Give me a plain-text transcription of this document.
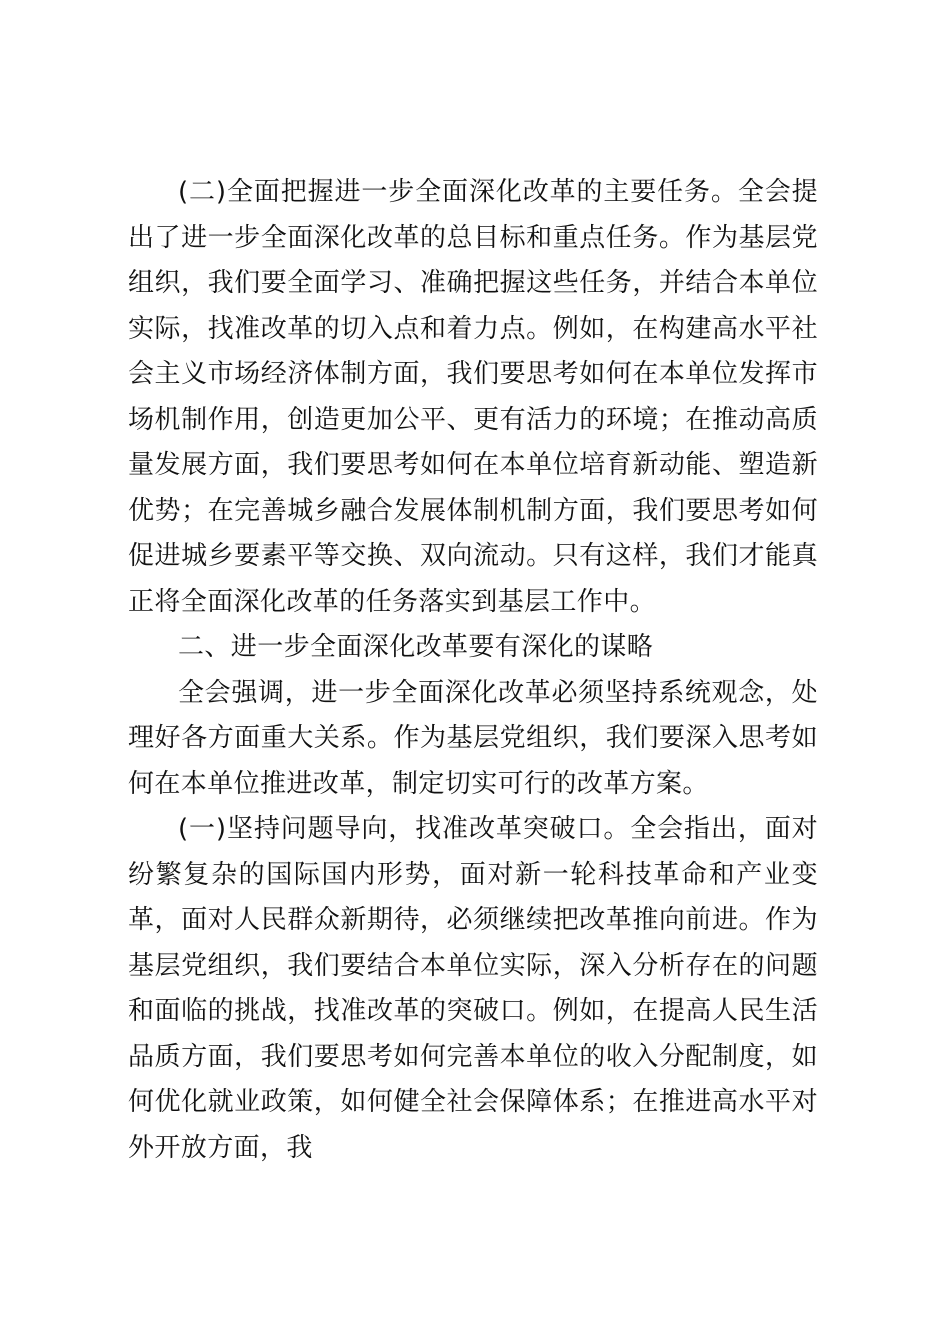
(二)全面把握进一步全面深化改革的主要任务。全会提出了进一步全面深化改革的总目标和重点任务。作为基层党组织，我们要全面学习、准确把握这些任务，并结合本单位实际，找准改革的切入点和着力点。例如，在构建高水平社会主义市场经济体制方面，我们要思考如何在本单位发挥市场机制作用，创造更加公平、更有活力的环境；在推动高质量发展方面，我们要思考如何在本单位培育新动能、塑造新优势；在完善城乡融合发展体制机制方面，我们要思考如何促进城乡要素平等交换、双向流动。只有这样，我们才能真正将全面深化改革的任务落实到基层工作中。

二、进一步全面深化改革要有深化的谋略

全会强调，进一步全面深化改革必须坚持系统观念，处理好各方面重大关系。作为基层党组织，我们要深入思考如何在本单位推进改革，制定切实可行的改革方案。

(一)坚持问题导向，找准改革突破口。全会指出，面对纷繁复杂的国际国内形势，面对新一轮科技革命和产业变革，面对人民群众新期待，必须继续把改革推向前进。作为基层党组织，我们要结合本单位实际，深入分析存在的问题和面临的挑战，找准改革的突破口。例如，在提高人民生活品质方面，我们要思考如何完善本单位的收入分配制度，如何优化就业政策，如何健全社会保障体系；在推进高水平对外开放方面，我
